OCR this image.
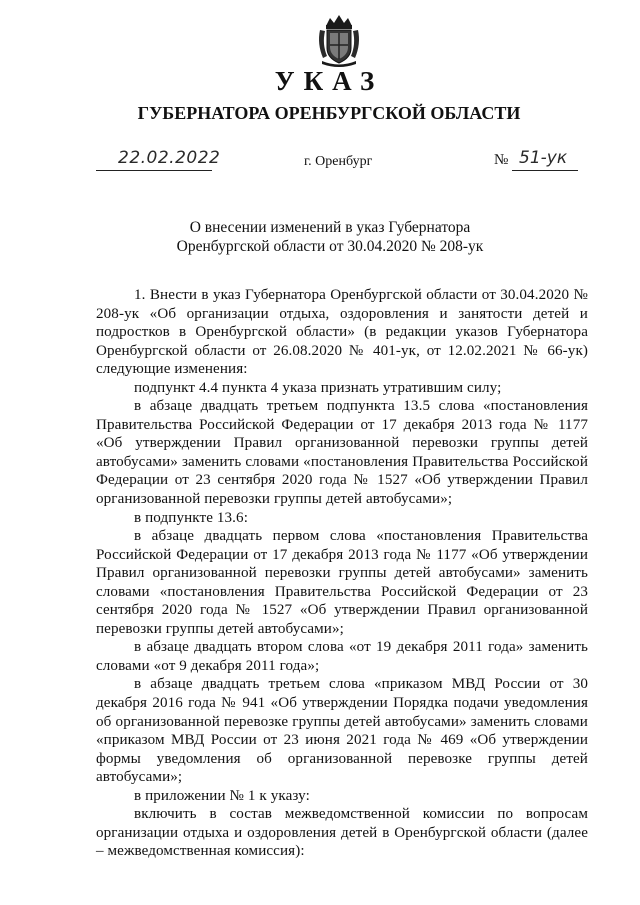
УКАЗ
ГУБЕРНАТОРА ОРЕНБУРГСКОЙ ОБЛАСТИ
22.02.2022	г. Оренбург	№ 51-ук
О внесении изменений в указ Губернатора
Оренбургской области от 30.04.2020 № 208-ук

1. Внести в указ Губернатора Оренбургской области от 30.04.2020 № 208-ук «Об организации отдыха, оздоровления и занятости детей и подростков в Оренбургской области» (в редакции указов Губернатора Оренбургской области от 26.08.2020 № 401-ук, от 12.02.2021 № 66-ук) следующие изменения:

подпункт 4.4 пункта 4 указа признать утратившим силу;

в абзаце двадцать третьем подпункта 13.5 слова «постановления Правительства Российской Федерации от 17 декабря 2013 года № 1177 «Об утверждении Правил организованной перевозки группы детей автобусами» заменить словами «постановления Правительства Российской Федерации от 23 сентября 2020 года № 1527 «Об утверждении Правил организованной перевозки группы детей автобусами»;

в подпункте 13.6:

в абзаце двадцать первом слова «постановления Правительства Российской Федерации от 17 декабря 2013 года № 1177 «Об утверждении Правил организованной перевозки группы детей автобусами» заменить словами «постановления Правительства Российской Федерации от 23 сентября 2020 года № 1527 «Об утверждении Правил организованной перевозки группы детей автобусами»;

в абзаце двадцать втором слова «от 19 декабря 2011 года» заменить словами «от 9 декабря 2011 года»;

в абзаце двадцать третьем слова «приказом МВД России от 30 декабря 2016 года № 941 «Об утверждении Порядка подачи уведомления об организованной перевозке группы детей автобусами» заменить словами «приказом МВД России от 23 июня 2021 года № 469 «Об утверждении формы уведомления об организованной перевозке группы детей автобусами»;

в приложении № 1 к указу:

включить в состав межведомственной комиссии по вопросам организации отдыха и оздоровления детей в Оренбургской области (далее – межведомственная комиссия):
